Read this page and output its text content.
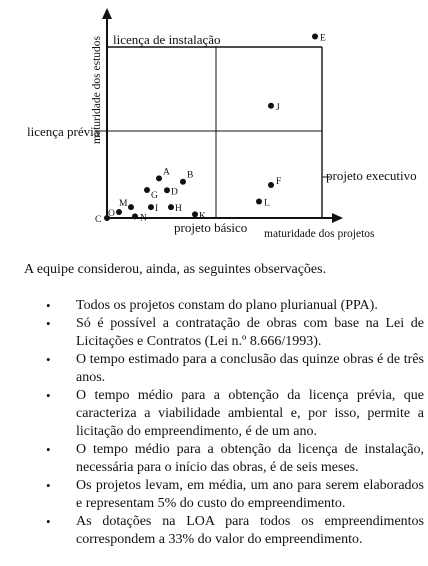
maturidade dos estudos licença de instalação
licença prévia
projeto executivo
projeto básico maturidade dos projetos
A B
C
D
E
F
G
H
I
J
K
L
M
N
O

A equipe considerou, ainda, as seguintes observações.

• Todos os projetos constam do plano plurianual (PPA).
• Só é possível a contratação de obras com base na Lei de Licitações e Contratos (Lei n.º 8.666/1993).
• O tempo estimado para a conclusão das quinze obras é de três anos.
• O tempo médio para a obtenção da licença prévia, que caracteriza a viabilidade ambiental e, por isso, permite a licitação do empreendimento, é de um ano.
• O tempo médio para a obtenção da licença de instalação, necessária para o início das obras, é de seis meses.
• Os projetos levam, em média, um ano para serem elaborados e representam 5% do custo do empreendimento.
• As dotações na LOA para todos os empreendimentos correspondem a 33% do valor do empreendimento.
